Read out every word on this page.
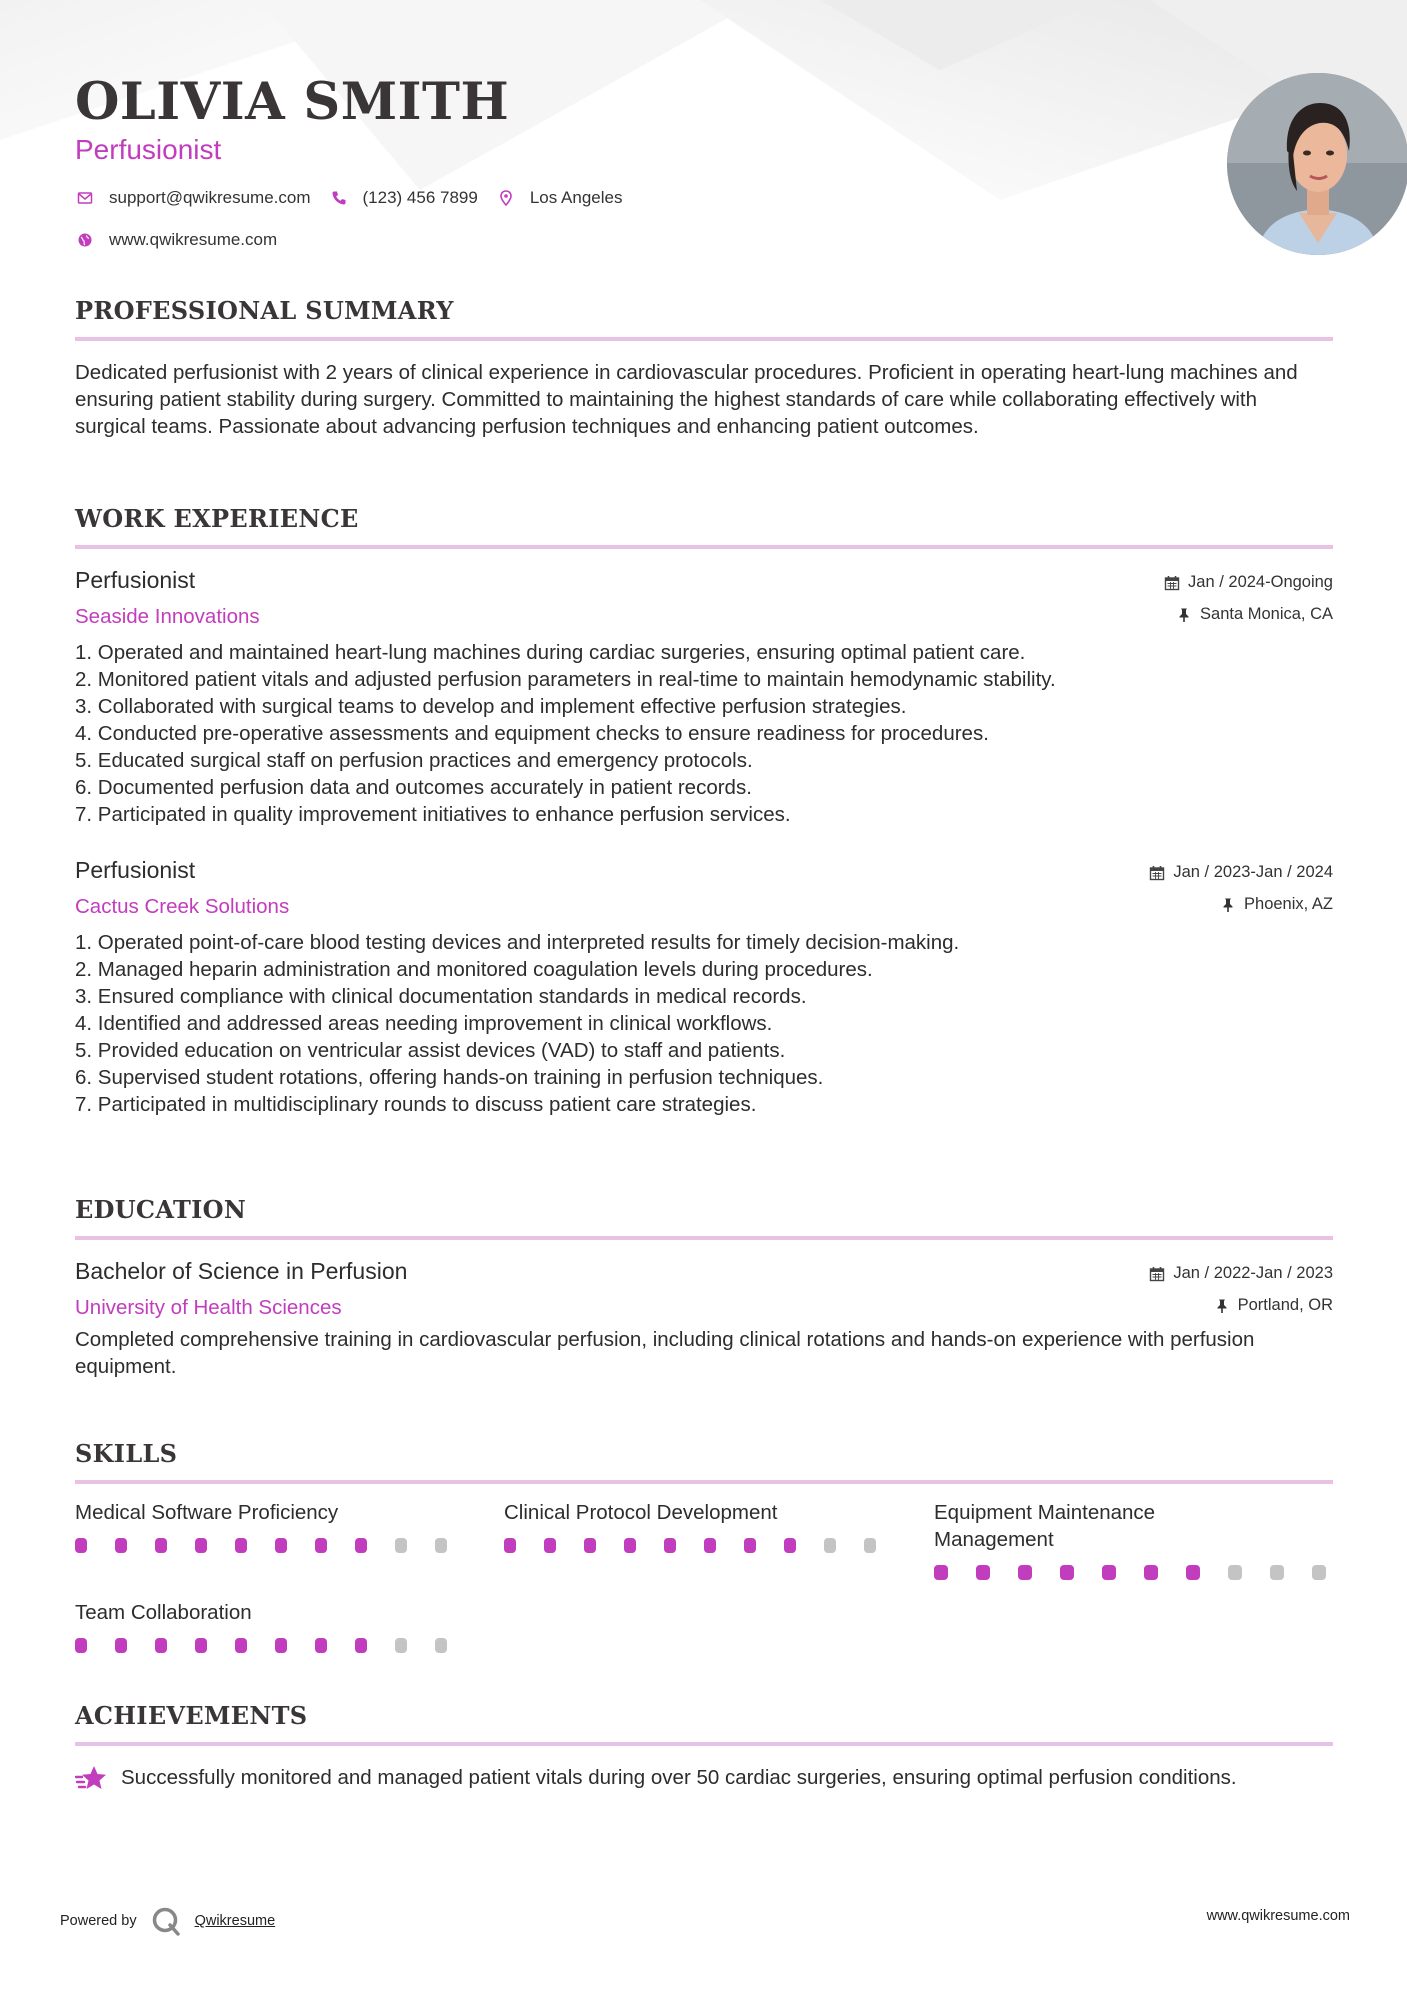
OLIVIA SMITH
Perfusionist
support@qwikresume.com	(123) 456 7899	Los Angeles
www.qwikresume.com
PROFESSIONAL SUMMARY
Dedicated perfusionist with 2 years of clinical experience in cardiovascular procedures. Proficient in operating heart-lung machines and ensuring patient stability during surgery. Committed to maintaining the highest standards of care while collaborating effectively with surgical teams. Passionate about advancing perfusion techniques and enhancing patient outcomes.
WORK EXPERIENCE
Perfusionist
Seaside Innovations
Jan / 2024-Ongoing
Santa Monica, CA
1. Operated and maintained heart-lung machines during cardiac surgeries, ensuring optimal patient care.
2. Monitored patient vitals and adjusted perfusion parameters in real-time to maintain hemodynamic stability.
3. Collaborated with surgical teams to develop and implement effective perfusion strategies.
4. Conducted pre-operative assessments and equipment checks to ensure readiness for procedures.
5. Educated surgical staff on perfusion practices and emergency protocols.
6. Documented perfusion data and outcomes accurately in patient records.
7. Participated in quality improvement initiatives to enhance perfusion services.
Perfusionist
Cactus Creek Solutions
Jan / 2023-Jan / 2024
Phoenix, AZ
1. Operated point-of-care blood testing devices and interpreted results for timely decision-making.
2. Managed heparin administration and monitored coagulation levels during procedures.
3. Ensured compliance with clinical documentation standards in medical records.
4. Identified and addressed areas needing improvement in clinical workflows.
5. Provided education on ventricular assist devices (VAD) to staff and patients.
6. Supervised student rotations, offering hands-on training in perfusion techniques.
7. Participated in multidisciplinary rounds to discuss patient care strategies.
EDUCATION
Bachelor of Science in Perfusion
University of Health Sciences
Jan / 2022-Jan / 2023
Portland, OR
Completed comprehensive training in cardiovascular perfusion, including clinical rotations and hands-on experience with perfusion equipment.
SKILLS
Medical Software Proficiency	Clinical Protocol Development	Equipment Maintenance Management
Team Collaboration
ACHIEVEMENTS
Successfully monitored and managed patient vitals during over 50 cardiac surgeries, ensuring optimal perfusion conditions.
Powered by	Qwikresume	www.qwikresume.com
